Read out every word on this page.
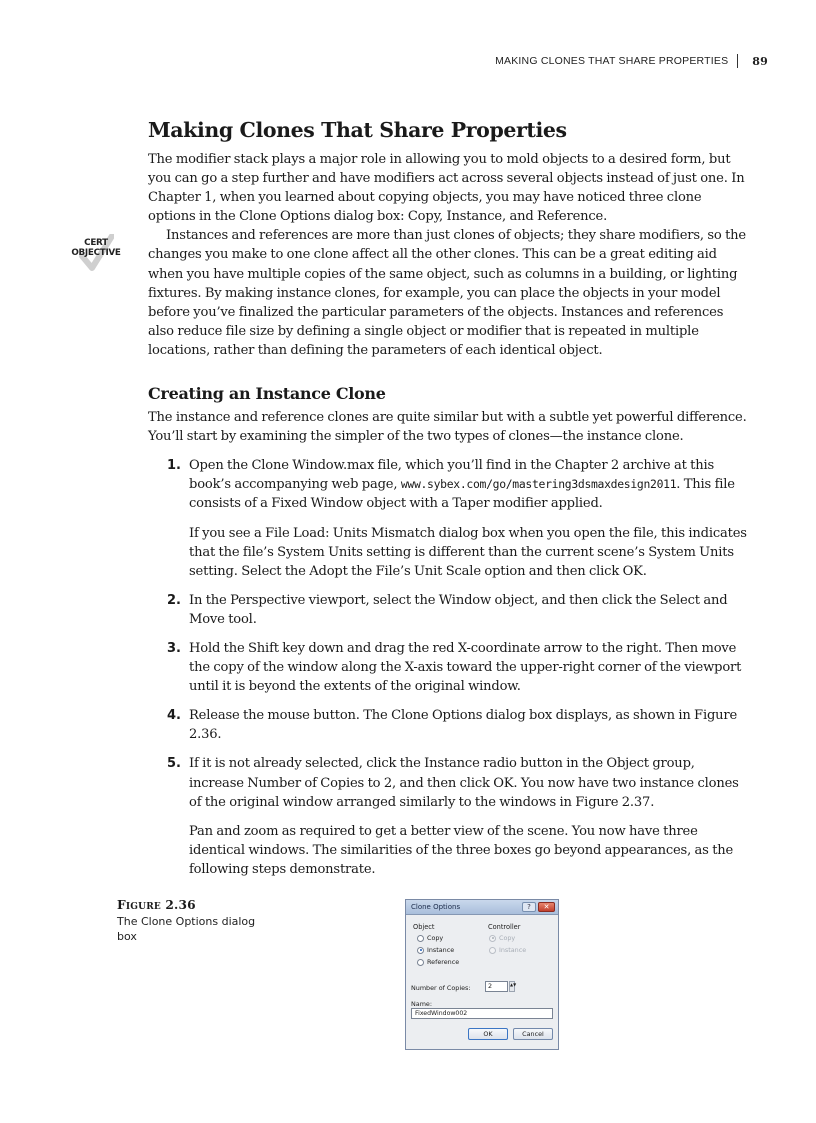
MAKING CLONES THAT SHARE PROPERTIES	89
CERT
OBJECTIVE
Making Clones That Share Properties

The modifier stack plays a major role in allowing you to mold objects to a desired form, but you can go a step further and have modifiers act across several objects instead of just one. In Chapter 1, when you learned about copying objects, you may have noticed three clone options in the Clone Options dialog box: Copy, Instance, and Reference.

Instances and references are more than just clones of objects; they share modifiers, so the changes you make to one clone affect all the other clones. This can be a great editing aid when you have multiple copies of the same object, such as columns in a building, or lighting fixtures. By making instance clones, for example, you can place the objects in your model before you’ve finalized the particular parameters of the objects. Instances and references also reduce file size by defining a single object or modifier that is repeated in multiple locations, rather than defining the parameters of each identical object.

Creating an Instance Clone

The instance and reference clones are quite similar but with a subtle yet powerful difference. You’ll start by examining the simpler of the two types of clones—the instance clone.

1. Open the Clone Window.max file, which you’ll find in the Chapter 2 archive at this book’s accompanying web page, www.sybex.com/go/mastering3dsmaxdesign2011. This file consists of a Fixed Window object with a Taper modifier applied.

If you see a File Load: Units Mismatch dialog box when you open the file, this indicates that the file’s System Units setting is different than the current scene’s System Units setting. Select the Adopt the File’s Unit Scale option and then click OK.

2. In the Perspective viewport, select the Window object, and then click the Select and Move tool.

3. Hold the Shift key down and drag the red X-coordinate arrow to the right. Then move the copy of the window along the X-axis toward the upper-right corner of the viewport until it is beyond the extents of the original window.

4. Release the mouse button. The Clone Options dialog box displays, as shown in Figure 2.36.

5. If it is not already selected, click the Instance radio button in the Object group, increase Number of Copies to 2, and then click OK. You now have two instance clones of the original window arranged similarly to the windows in Figure 2.37.

Pan and zoom as required to get a better view of the scene. You now have three identical windows. The similarities of the three boxes go beyond appearances, as the following steps demonstrate.

Figure 2.36
The Clone Options dialog box
Clone Options	?	✕
Object
Copy
Instance
Reference
Controller
Copy
Instance
Number of Copies:	2	▲▼
Name:
FixedWindow002
OK	Cancel
